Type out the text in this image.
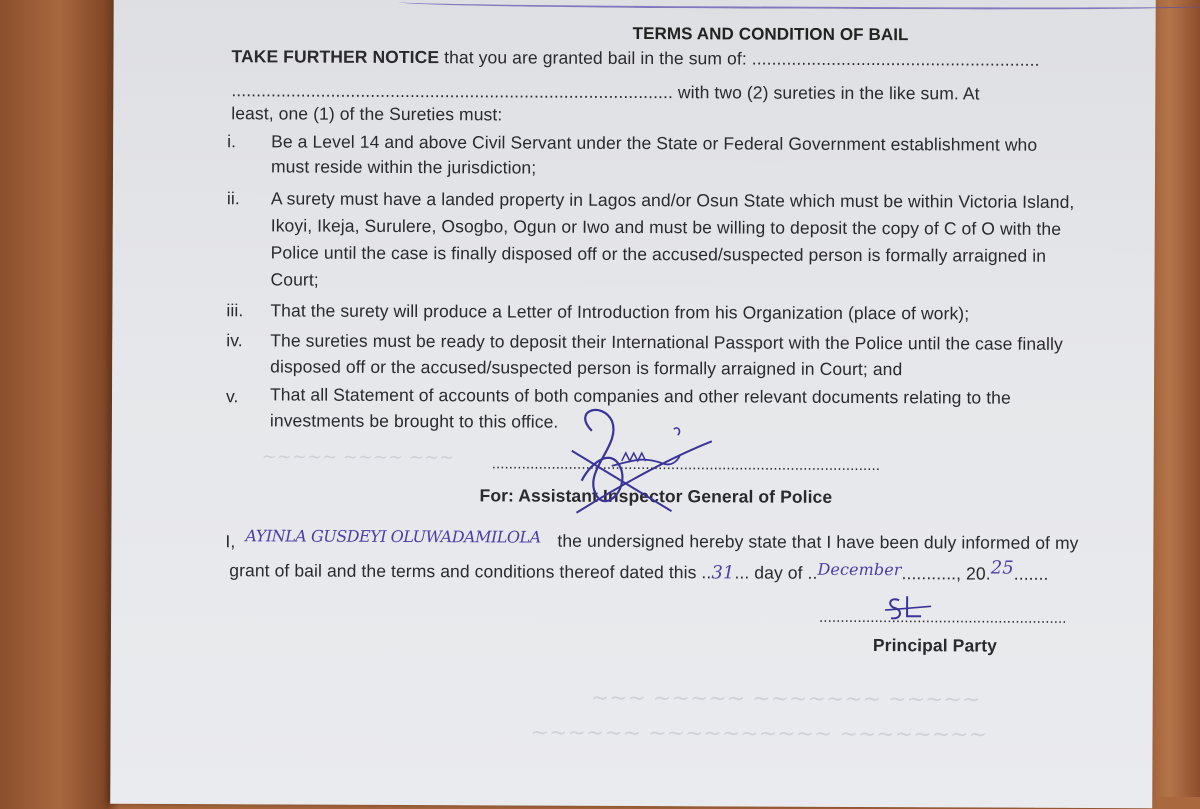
TERMS AND CONDITION OF BAIL
TAKE FURTHER NOTICE that you are granted bail in the sum of: ..........................................................
......................................................................................... with two (2) sureties in the like sum. At
least, one (1) of the Sureties must:
i. Be a Level 14 and above Civil Servant under the State or Federal Government establishment who
must reside within the jurisdiction;
ii. A surety must have a landed property in Lagos and/or Osun State which must be within Victoria Island,
Ikoyi, Ikeja, Surulere, Osogbo, Ogun or Iwo and must be willing to deposit the copy of C of O with the
Police until the case is finally disposed off or the accused/suspected person is formally arraigned in
Court;
iii. That the surety will produce a Letter of Introduction from his Organization (place of work);
iv. The sureties must be ready to deposit their International Passport with the Police until the case finally
disposed off or the accused/suspected person is formally arraigned in Court; and
v. That all Statement of accounts of both companies and other relevant documents relating to the
investments be brought to this office.
~~~~~ ~~~~ ~~~ ...........................................................................................
For: Assistant Inspector General of Police
I, AYINLA GUSDEYI OLUWADAMILOLA the undersigned hereby state that I have been duly informed of my
grant of bail and the terms and conditions thereof dated this ..31... day of ..December..........., 20.25.......
..........................................................
Principal Party
~~~ ~~~~~ ~~~~~~~ ~~~~~
~~~~~~ ~~~~~~~~~~ ~~~~~~~~
